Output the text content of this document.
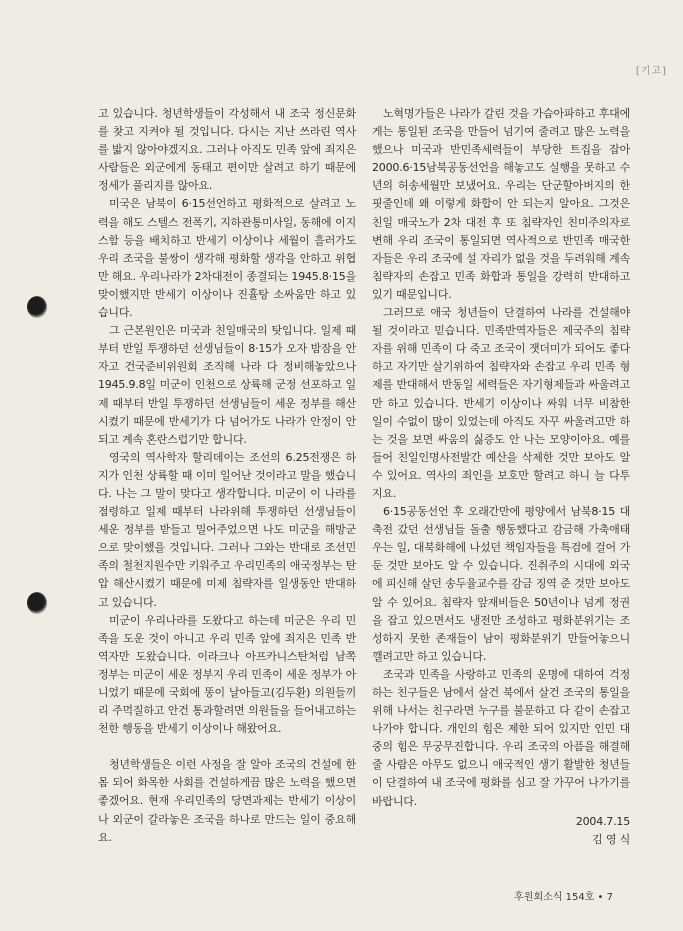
[기고]

고 있습니다. 청년학생들이 각성해서 내 조국 정신문화를 찾고 지켜야 될 것입니다. 다시는 지난 쓰라린 역사를 밟지 않아야겠지요. 그러나 아직도 민족 앞에 죄지은 사람들은 외군에게 동태고 편이만 살려고 하기 때문에 정세가 풀리지를 않아요.

미국은 남북이 6·15선언하고 평화적으로 살려고 노력을 해도 스텔스 전폭기, 지하관통미사일, 동해에 이지스함 등을 배치하고 반세기 이상이나 세월이 흘러가도 우리 조국을 불쌍이 생각해 평화할 생각을 안하고 위협만 해요. 우리나라가 2차대전이 종결되는 1945.8·15을 맞이했지만 반세기 이상이나 진휼탕 소싸움만 하고 있습니다.

그 근본원인은 미국과 친일매국의 탓입니다. 일제 때부터 반일 투쟁하던 선생님들이 8·15가 오자 밤잠을 안자고 건국준비위원회 조직해 나라 다 정비해놓았으나 1945.9.8일 미군이 인천으로 상륙해 군정 선포하고 일제 때부터 반일 투쟁하던 선생님들이 세운 정부를 해산시켰기 때문에 반세기가 다 넘어가도 나라가 안정이 안 되고 계속 혼란스럽기만 합니다.

영국의 역사학자 할리데이는 조선의 6.25전쟁은 하지가 인천 상륙할 때 이미 일어난 것이라고 말을 했습니다. 나는 그 말이 맞다고 생각합니다. 미군이 이 나라를 점령하고 일제 때부터 나라위해 투쟁하던 선생님들이 세운 정부를 받들고 밀어주었으면 나도 미군을 해방군으로 맞이했을 것입니다. 그러나 그와는 반대로 조선민족의 철천지원수만 키워주고 우리민족의 애국정부는 탄압 해산시켰기 때문에 미제 침략자를 일생동안 반대하고 있습니다.

미군이 우리나라를 도왔다고 하는데 미군은 우리 민족을 도운 것이 아니고 우리 민족 앞에 죄지은 민족 반역자만 도왔습니다. 이라크나 아프카니스탄처럼 남쪽 정부는 미군이 세운 정부지 우리 민족이 세운 정부가 아니었기 때문에 국회에 똥이 날아들고(김두환) 의원들끼리 주먹질하고 안건 통과할려면 의원들을 들어내고하는 천한 행동을 반세기 이상이나 해왔어요.

청년학생들은 이런 사정을 잘 알아 조국의 건설에 한몸 되어 화목한 사회를 건설하게끔 많은 노력을 했으면 좋겠어요. 현재 우리민족의 당면과제는 반세기 이상이나 외군이 갈라놓은 조국을 하나로 만드는 일이 중요해요.

노혁명가들은 나라가 갈린 것을 가슴아파하고 후대에게는 통일된 조국을 만들어 넘기여 줄려고 많은 노력을 했으나 미국과 반민족세력들이 부당한 트집을 잡아 2000.6·15남북공동선언을 해놓고도 실행을 못하고 수년의 허송세월만 보냈어요. 우리는 단군할아버지의 한 핏줄인데 왜 이렇게 화합이 안 되는지 알아요. 그것은 친일 매국노가 2차 대전 후 또 침략자인 친미주의자로 변해 우리 조국이 통일되면 역사적으로 반민족 매국한자들은 우리 조국에 설 자리가 없을 것을 두려워해 계속 침략자의 손잡고 민족 화합과 통일을 강력히 반대하고 있기 때문입니다.

그러므로 애국 청년들이 단결하여 나라를 건설해야 될 것이라고 믿습니다. 민족반역자들은 제국주의 침략자를 위해 민족이 다 죽고 조국이 잿더미가 되어도 좋다하고 자기만 살기위하여 침략자와 손잡고 우리 민족 형제를 반대해서 반동일 세력들은 자기형제들과 싸울려고만 하고 있습니다. 반세기 이상이나 싸워 너무 비참한 일이 수없이 많이 있었는데 아직도 자꾸 싸울려고만 하는 것을 보면 싸움의 싫증도 안 나는 모양이아요. 예를 들어 친일인명사전발간 예산을 삭제한 것만 보아도 알수 있어요. 역사의 죄인을 보호만 할려고 하니 늘 다투지요.

6·15공동선언 후 오래간만에 평양에서 남북8·15 대축전 갔던 선생님들 돌출 행동했다고 감금해 가축애태우는 일, 대북화해에 나섰던 책임자들을 특검에 걸어 가둔 것만 보아도 알 수 있습니다. 진취주의 시대에 외국에 피신해 살던 송두율교수를 감금 징역 준 것만 보아도 알 수 있어요. 침략자 앞재비들은 50년이나 넘게 정권을 잡고 있으면서도 냉전만 조성하고 평화분위기는 조성하지 못한 존재들이 남이 평화분위기 만들어놓으니 깰려고만 하고 있습니다.

조국과 민족을 사랑하고 민족의 운명에 대하여 걱정하는 친구들은 남에서 살건 북에서 살건 조국의 통일을 위해 나서는 친구라면 누구를 불문하고 다 같이 손잡고 나가야 합니다. 개인의 힘은 제한 되어 있지만 인민 대중의 힘은 무궁무진합니다. 우리 조국의 아픔을 해결해 줄 사람은 아무도 없으니 애국적인 생기 활발한 청년들이 단결하여 내 조국에 평화를 심고 잘 가꾸어 나가기를 바랍니다.

2004.7.15
김 영 식
후원회소식 154호 • 7
